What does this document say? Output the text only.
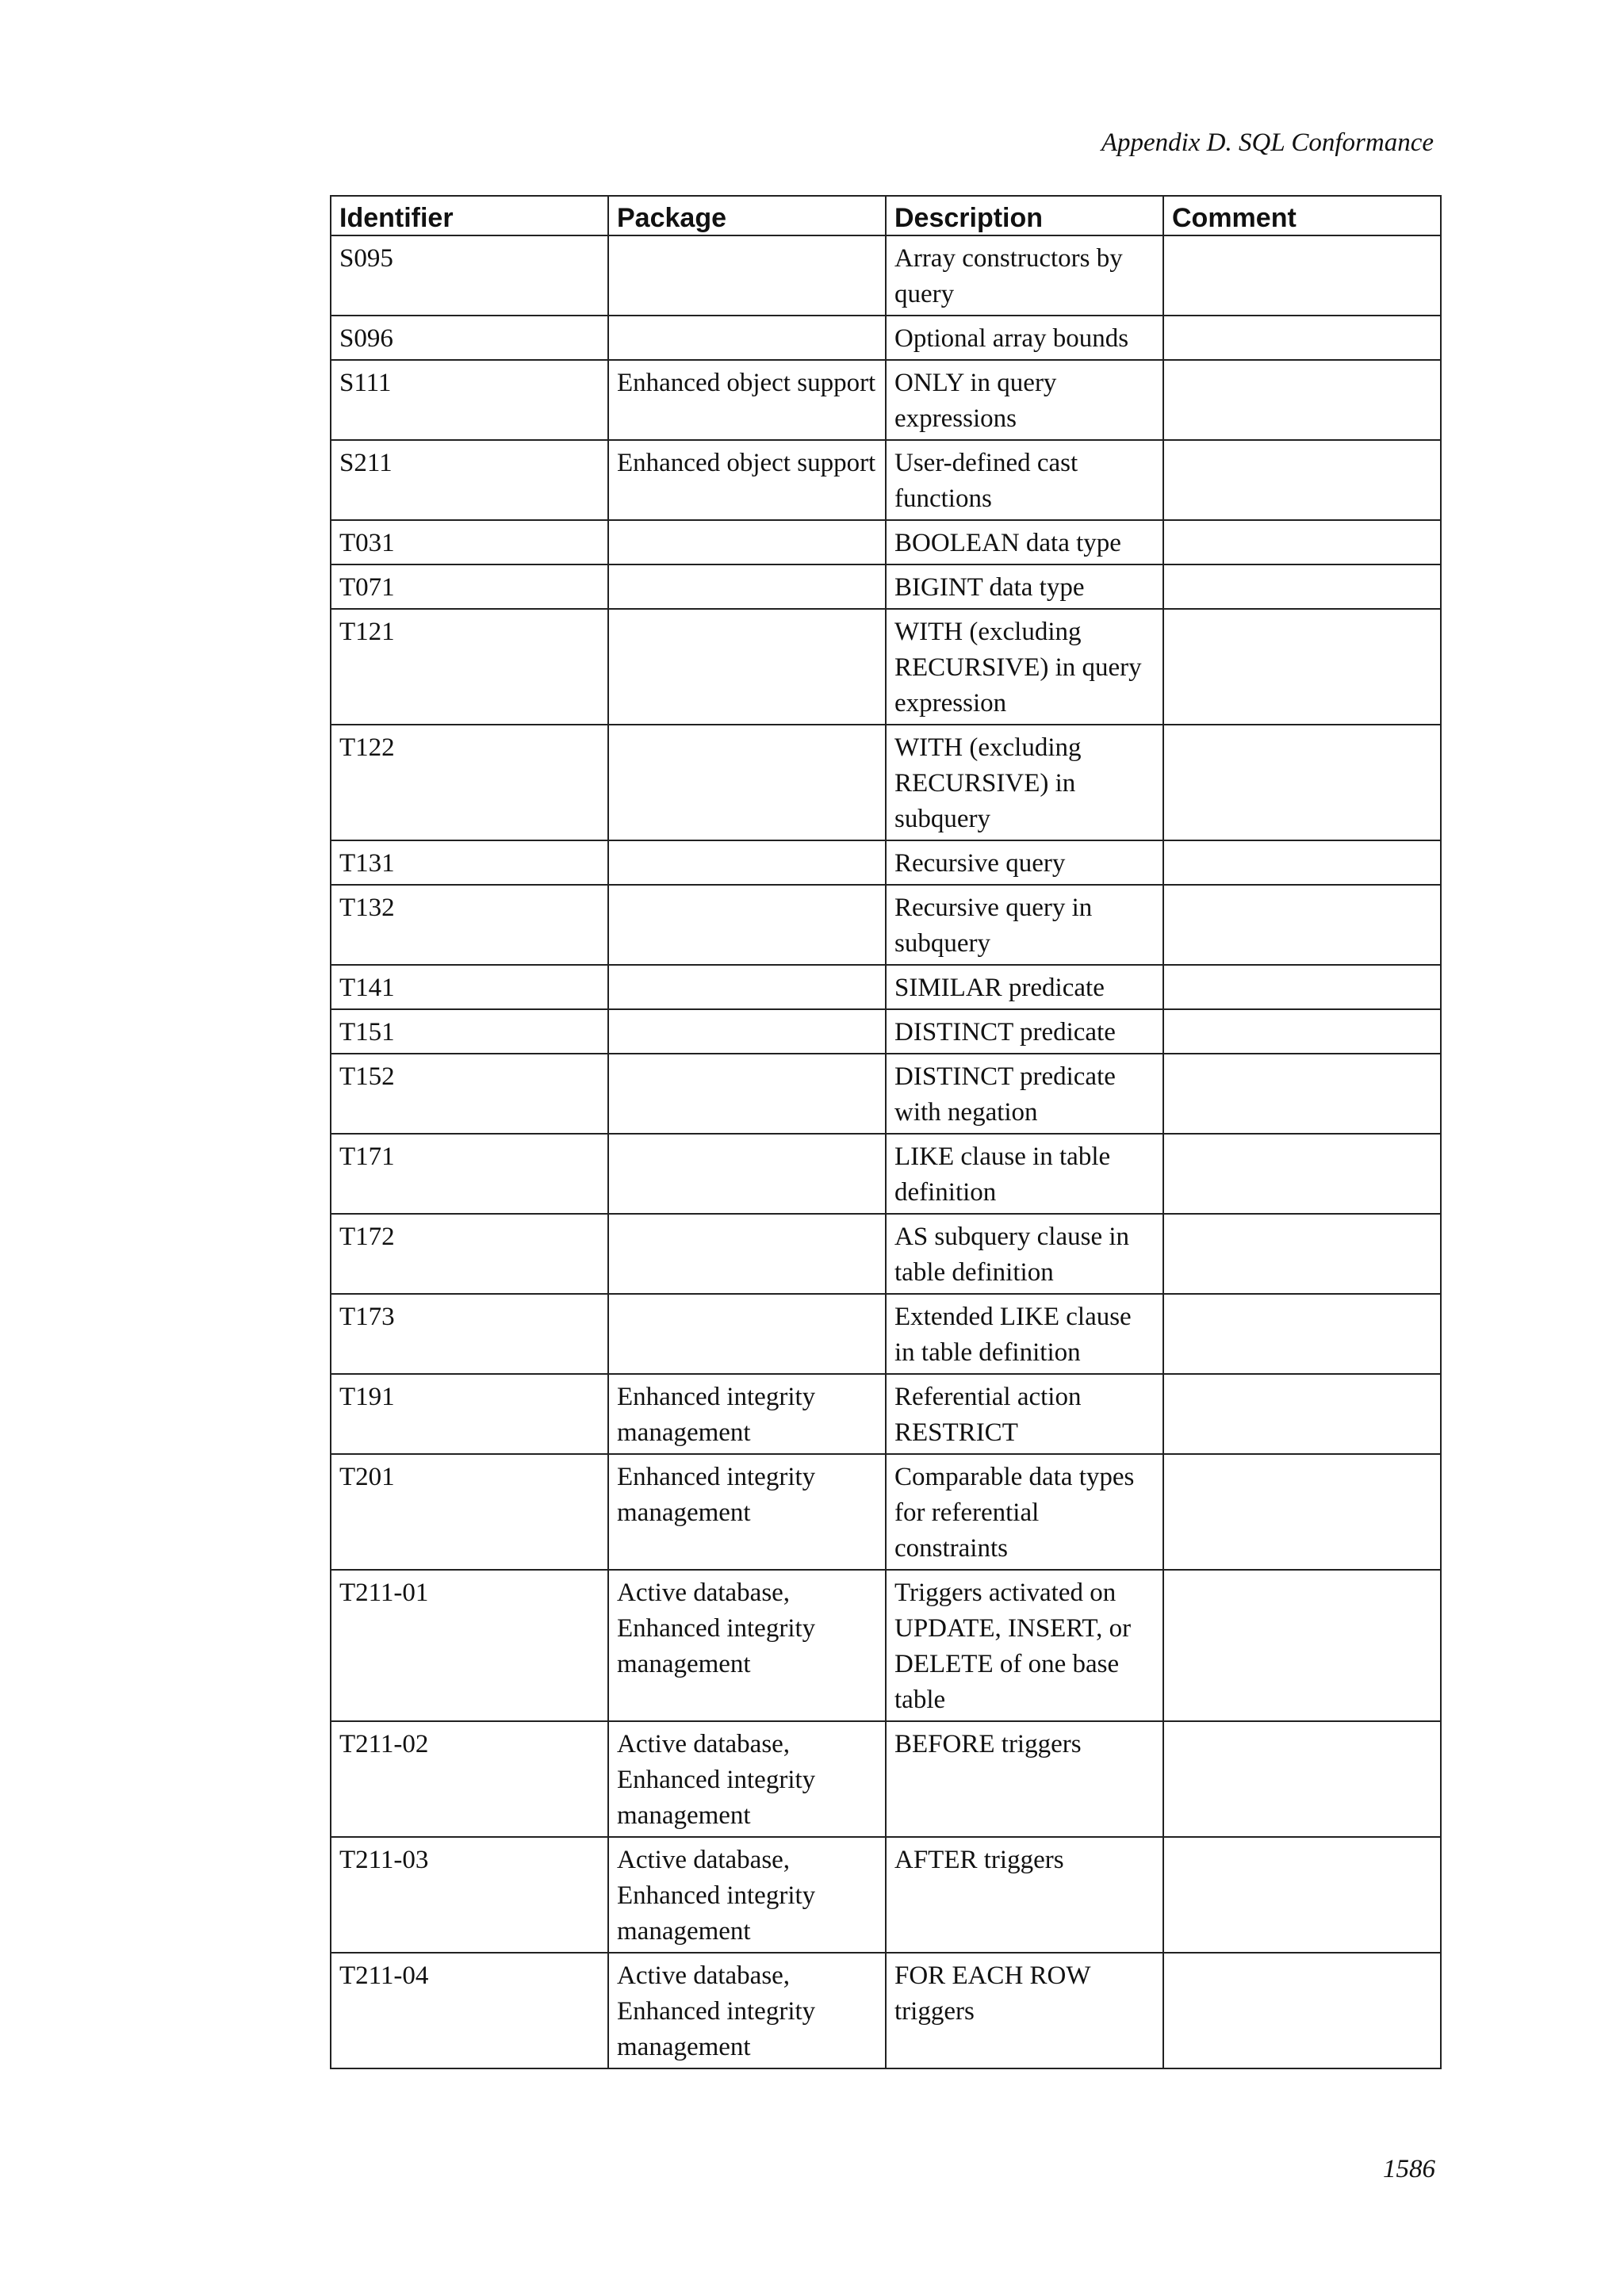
Appendix D. SQL Conformance
Identifier	Package	Description	Comment
S095		Array constructors by query	
S096		Optional array bounds	
S111	Enhanced object support	ONLY in query expressions	
S211	Enhanced object support	User-defined cast functions	
T031		BOOLEAN data type	
T071		BIGINT data type	
T121		WITH (excluding RECURSIVE) in query expression	
T122		WITH (excluding RECURSIVE) in subquery	
T131		Recursive query	
T132		Recursive query in subquery	
T141		SIMILAR predicate	
T151		DISTINCT predicate	
T152		DISTINCT predicate with negation	
T171		LIKE clause in table definition	
T172		AS subquery clause in table definition	
T173		Extended LIKE clause in table definition	
T191	Enhanced integrity management	Referential action RESTRICT	
T201	Enhanced integrity management	Comparable data types for referential constraints	
T211-01	Active database, Enhanced integrity management	Triggers activated on UPDATE, INSERT, or DELETE of one base table	
T211-02	Active database, Enhanced integrity management	BEFORE triggers	
T211-03	Active database, Enhanced integrity management	AFTER triggers	
T211-04	Active database, Enhanced integrity management	FOR EACH ROW triggers	
1586
